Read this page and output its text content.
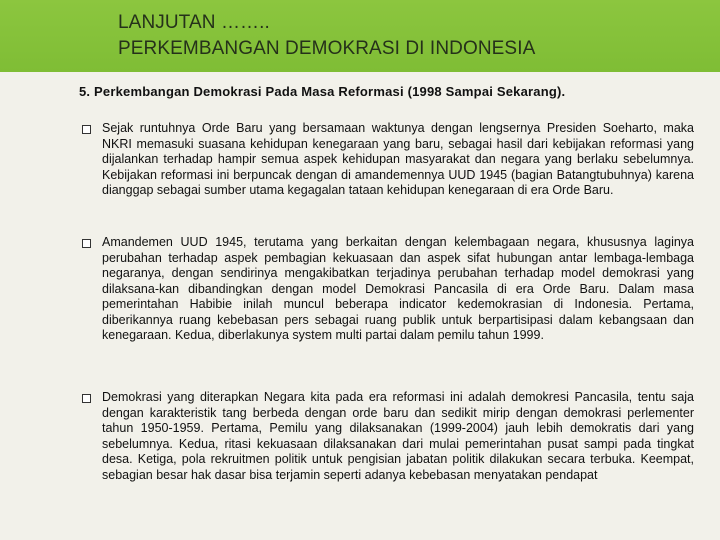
LANJUTAN ……..
PERKEMBANGAN DEMOKRASI DI INDONESIA
5. Perkembangan Demokrasi Pada Masa Reformasi (1998 Sampai Sekarang).
Sejak runtuhnya Orde Baru yang bersamaan waktunya dengan lengsernya Presiden Soeharto, maka NKRI memasuki suasana kehidupan kenegaraan yang baru, sebagai hasil dari kebijakan reformasi yang dijalankan terhadap hampir semua aspek kehidupan masyarakat dan negara yang berlaku sebelumnya. Kebijakan reformasi ini berpuncak dengan di amandemennya UUD 1945 (bagian Batangtubuhnya) karena dianggap sebagai sumber utama kegagalan tataan kehidupan kenegaraan di era Orde Baru.
Amandemen UUD 1945, terutama yang berkaitan dengan kelembagaan negara, khususnya laginya perubahan terhadap aspek pembagian kekuasaan dan aspek sifat hubungan antar lembaga-lembaga negaranya, dengan sendirinya mengakibatkan terjadinya perubahan terhadap model demokrasi yang dilaksana-kan dibandingkan dengan model Demokrasi Pancasila di era Orde Baru. Dalam masa pemerintahan Habibie inilah muncul beberapa indicator kedemokrasian di Indonesia. Pertama, diberikannya ruang kebebasan pers sebagai ruang publik untuk berpartisipasi dalam kebangsaan dan kenegaraan. Kedua, diberlakunya system multi partai dalam pemilu tahun 1999.
Demokrasi yang diterapkan Negara kita pada era reformasi ini adalah demokresi Pancasila, tentu saja dengan karakteristik tang berbeda dengan orde baru dan sedikit mirip dengan demokrasi perlementer tahun 1950-1959. Pertama, Pemilu yang dilaksanakan (1999-2004) jauh lebih demokratis dari yang sebelumnya. Kedua, ritasi kekuasaan dilaksanakan dari mulai pemerintahan pusat sampi pada tingkat desa. Ketiga, pola rekruitmen politik untuk pengisian jabatan politik dilakukan secara terbuka. Keempat, sebagian besar hak dasar bisa terjamin seperti adanya kebebasan menyatakan pendapat
